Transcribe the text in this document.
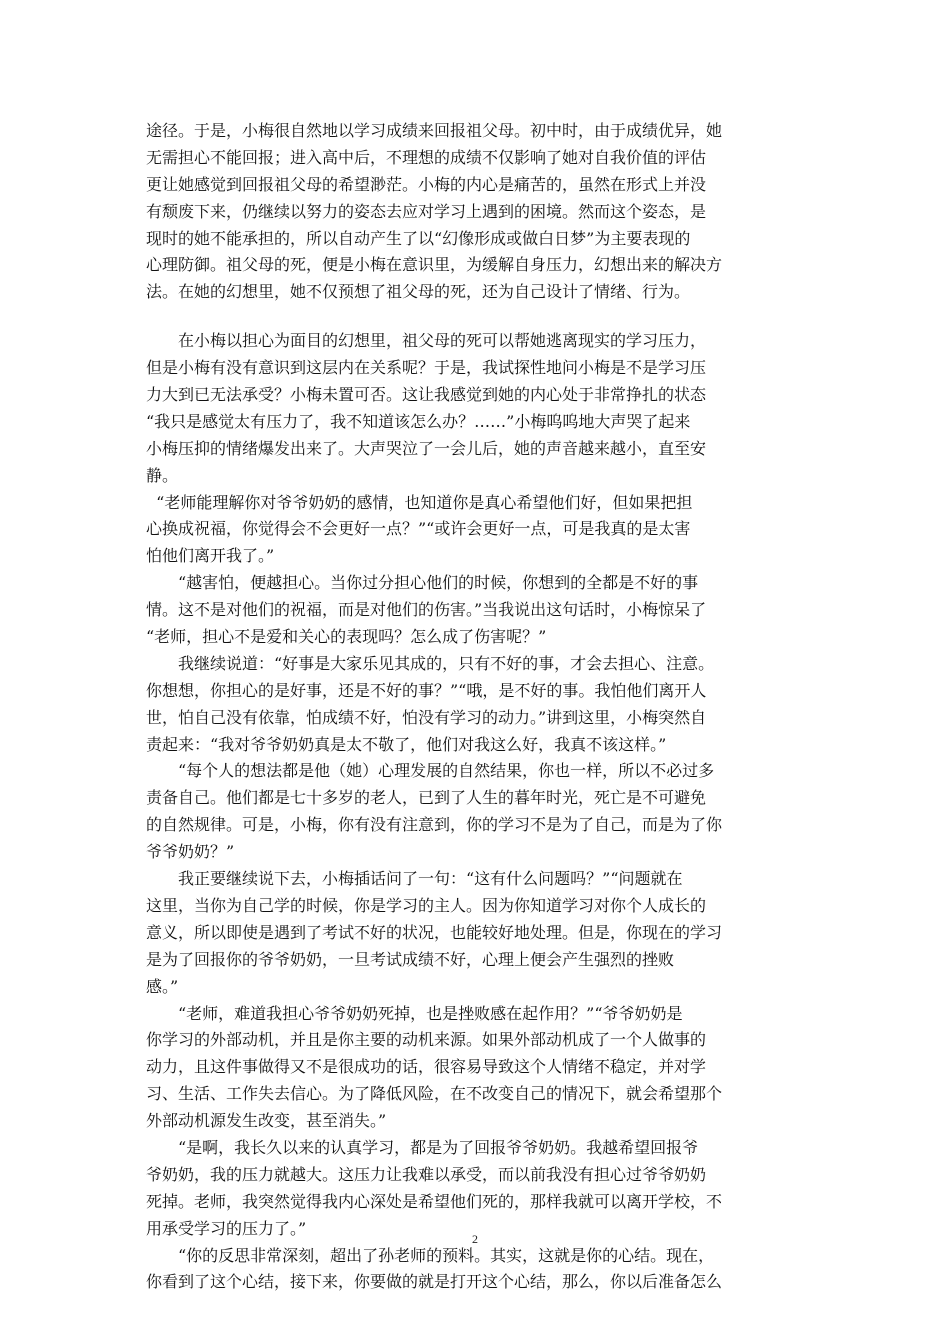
途径。于是，小梅很自然地以学习成绩来回报祖父母。初中时，由于成绩优异，她
无需担心不能回报；进入高中后，不理想的成绩不仅影响了她对自我价值的评估
更让她感觉到回报祖父母的希望渺茫。小梅的内心是痛苦的，虽然在形式上并没
有颓废下来，仍继续以努力的姿态去应对学习上遇到的困境。然而这个姿态，是
现时的她不能承担的，所以自动产生了以“幻像形成或做白日梦”为主要表现的
心理防御。祖父母的死，便是小梅在意识里，为缓解自身压力，幻想出来的解决方
法。在她的幻想里，她不仅预想了祖父母的死，还为自己设计了情绪、行为。
　　在小梅以担心为面目的幻想里，祖父母的死可以帮她逃离现实的学习压力，
但是小梅有没有意识到这层内在关系呢？于是，我试探性地问小梅是不是学习压
力大到已无法承受？小梅未置可否。这让我感觉到她的内心处于非常挣扎的状态
“我只是感觉太有压力了，我不知道该怎么办？……”小梅呜呜地大声哭了起来
小梅压抑的情绪爆发出来了。大声哭泣了一会儿后，她的声音越来越小，直至安
静。
“老师能理解你对爷爷奶奶的感情，也知道你是真心希望他们好，但如果把担
心换成祝福，你觉得会不会更好一点？”“或许会更好一点，可是我真的是太害
怕他们离开我了。”
　　“越害怕，便越担心。当你过分担心他们的时候，你想到的全都是不好的事
情。这不是对他们的祝福，而是对他们的伤害。”当我说出这句话时，小梅惊呆了
“老师，担心不是爱和关心的表现吗？怎么成了伤害呢？”
　　我继续说道：“好事是大家乐见其成的，只有不好的事，才会去担心、注意。
你想想，你担心的是好事，还是不好的事？”“哦，是不好的事。我怕他们离开人
世，怕自己没有依靠，怕成绩不好，怕没有学习的动力。”讲到这里，小梅突然自
责起来：“我对爷爷奶奶真是太不敬了，他们对我这么好，我真不该这样。”
　　“每个人的想法都是他（她）心理发展的自然结果，你也一样，所以不必过多
责备自己。他们都是七十多岁的老人，已到了人生的暮年时光，死亡是不可避免
的自然规律。可是，小梅，你有没有注意到，你的学习不是为了自己，而是为了你
爷爷奶奶？”
　　我正要继续说下去，小梅插话问了一句：“这有什么问题吗？”“问题就在
这里，当你为自己学的时候，你是学习的主人。因为你知道学习对你个人成长的
意义，所以即使是遇到了考试不好的状况，也能较好地处理。但是，你现在的学习
是为了回报你的爷爷奶奶，一旦考试成绩不好，心理上便会产生强烈的挫败
感。”
　　“老师，难道我担心爷爷奶奶死掉，也是挫败感在起作用？”“爷爷奶奶是
你学习的外部动机，并且是你主要的动机来源。如果外部动机成了一个人做事的
动力，且这件事做得又不是很成功的话，很容易导致这个人情绪不稳定，并对学
习、生活、工作失去信心。为了降低风险，在不改变自己的情况下，就会希望那个
外部动机源发生改变，甚至消失。”
　　“是啊，我长久以来的认真学习，都是为了回报爷爷奶奶。我越希望回报爷
爷奶奶，我的压力就越大。这压力让我难以承受，而以前我没有担心过爷爷奶奶
死掉。老师，我突然觉得我内心深处是希望他们死的，那样我就可以离开学校，不
用承受学习的压力了。”
　　“你的反思非常深刻，超出了孙老师的预料。其实，这就是你的心结。现在，
你看到了这个心结，接下来，你要做的就是打开这个心结，那么，你以后准备怎么
2
